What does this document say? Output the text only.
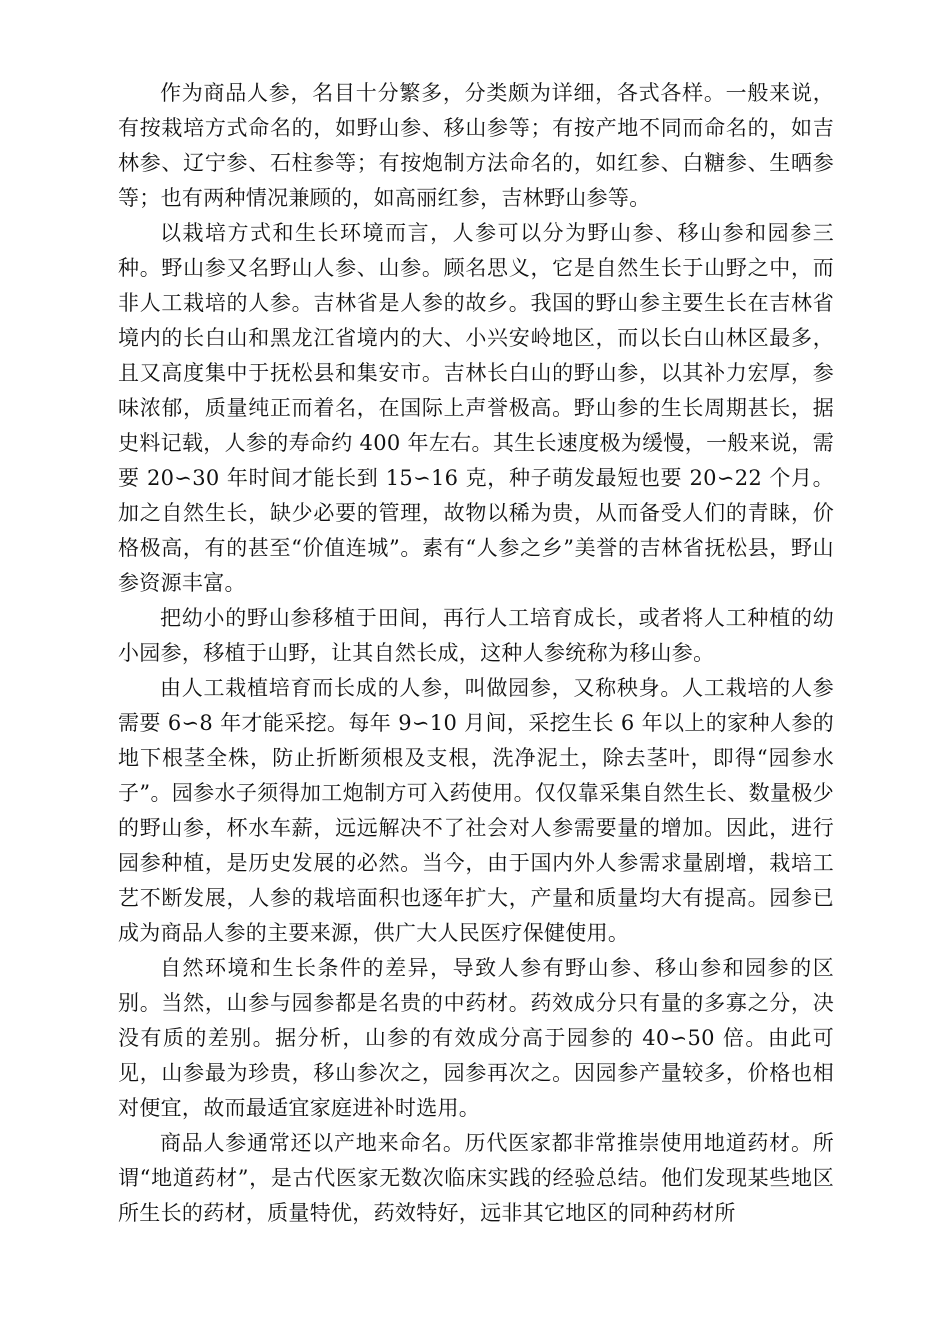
作为商品人参，名目十分繁多，分类颇为详细，各式各样。一般来说，有按栽培方式命名的，如野山参、移山参等；有按产地不同而命名的，如吉林参、辽宁参、石柱参等；有按炮制方法命名的，如红参、白糖参、生晒参等；也有两种情况兼顾的，如高丽红参，吉林野山参等。

以栽培方式和生长环境而言，人参可以分为野山参、移山参和园参三种。野山参又名野山人参、山参。顾名思义，它是自然生长于山野之中，而非人工栽培的人参。吉林省是人参的故乡。我国的野山参主要生长在吉林省境内的长白山和黑龙江省境内的大、小兴安岭地区，而以长白山林区最多，且又高度集中于抚松县和集安市。吉林长白山的野山参，以其补力宏厚，参味浓郁，质量纯正而着名，在国际上声誉极高。野山参的生长周期甚长，据史料记载，人参的寿命约 400 年左右。其生长速度极为缓慢，一般来说，需要 20∽30 年时间才能长到 15∽16 克，种子萌发最短也要 20∽22 个月。加之自然生长，缺少必要的管理，故物以稀为贵，从而备受人们的青睐，价格极高，有的甚至“价值连城”。素有“人参之乡”美誉的吉林省抚松县，野山参资源丰富。

把幼小的野山参移植于田间，再行人工培育成长，或者将人工种植的幼小园参，移植于山野，让其自然长成，这种人参统称为移山参。

由人工栽植培育而长成的人参，叫做园参，又称秧身。人工栽培的人参需要 6∽8 年才能采挖。每年 9∽10 月间，采挖生长 6 年以上的家种人参的地下根茎全株，防止折断须根及支根，洗净泥土，除去茎叶，即得“园参水子”。园参水子须得加工炮制方可入药使用。仅仅靠采集自然生长、数量极少的野山参，杯水车薪，远远解决不了社会对人参需要量的增加。因此，进行园参种植，是历史发展的必然。当今，由于国内外人参需求量剧增，栽培工艺不断发展，人参的栽培面积也逐年扩大，产量和质量均大有提高。园参已成为商品人参的主要来源，供广大人民医疗保健使用。

自然环境和生长条件的差异，导致人参有野山参、移山参和园参的区别。当然，山参与园参都是名贵的中药材。药效成分只有量的多寡之分，决没有质的差别。据分析，山参的有效成分高于园参的 40∽50 倍。由此可见，山参最为珍贵，移山参次之，园参再次之。因园参产量较多，价格也相对便宜，故而最适宜家庭进补时选用。

商品人参通常还以产地来命名。历代医家都非常推崇使用地道药材。所谓“地道药材”，是古代医家无数次临床实践的经验总结。他们发现某些地区所生长的药材，质量特优，药效特好，远非其它地区的同种药材所
